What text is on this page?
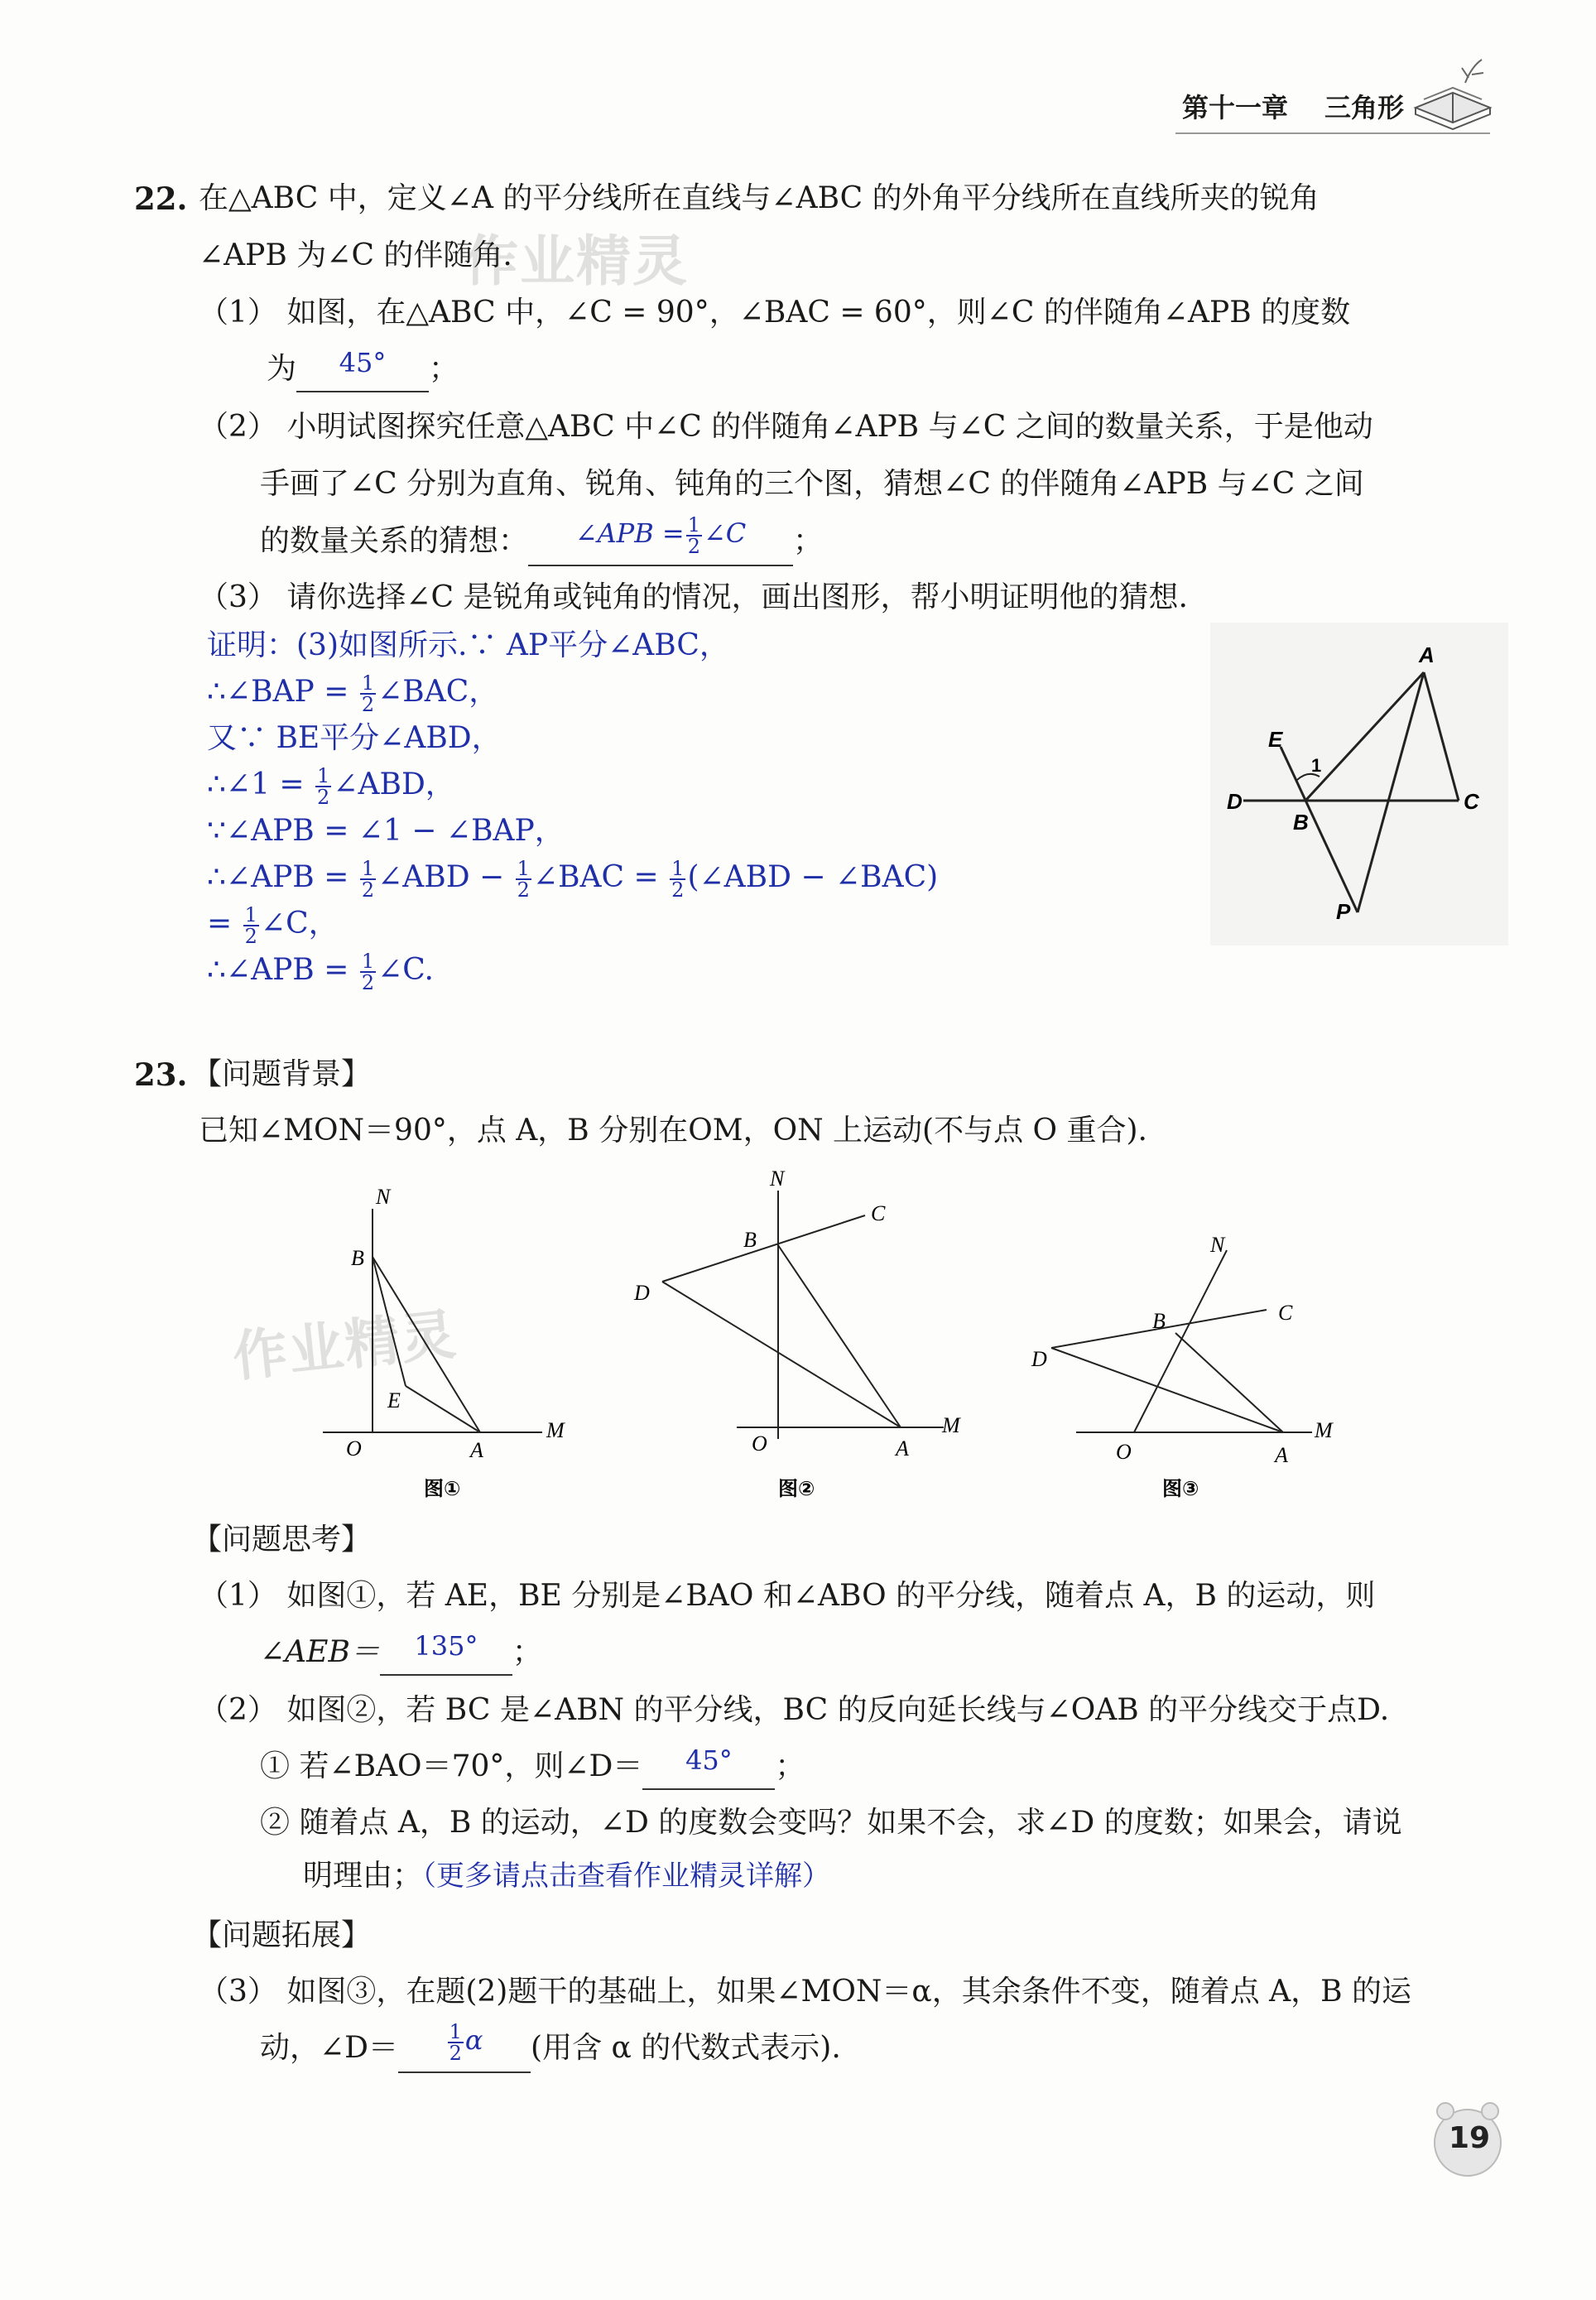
第十一章 三角形
作业精灵
作业精灵
22. 在△ABC 中，定义∠A 的平分线所在直线与∠ABC 的外角平分线所在直线所夹的锐角
∠APB 为∠C 的伴随角.
（1） 如图，在△ABC 中，∠C = 90°，∠BAC = 60°，则∠C 的伴随角∠APB 的度数
为 45° ；
（2） 小明试图探究任意△ABC 中∠C 的伴随角∠APB 与∠C 之间的数量关系，于是他动
手画了∠C 分别为直角、锐角、钝角的三个图，猜想∠C 的伴随角∠APB 与∠C 之间
的数量关系的猜想： ∠APB = $\frac{1}{2}$ ∠C ；
（3） 请你选择∠C 是锐角或钝角的情况，画出图形，帮小明证明他的猜想.
证明：(3)如图所示.∵ AP平分∠ABC，
∴∠BAP = $\frac{1}{2}$ ∠BAC，
又∵ BE平分∠ABD，
∴∠1 = $\frac{1}{2}$ ∠ABD，
∵∠APB = ∠1 − ∠BAP，
∴∠APB = $\frac{1}{2}$ ∠ABD − $\frac{1}{2}$ ∠BAC = $\frac{1}{2}$ (∠ABD − ∠BAC)
= $\frac{1}{2}$ ∠C，
∴∠APB = $\frac{1}{2}$ ∠C.
A
C
D
B
E
1
P
23. 【问题背景】
已知∠MON＝90°，点 A，B 分别在OM，ON 上运动(不与点 O 重合).
N
B
E
O	A
M
图①
N
C
B
D
O	A
M
图②
N
C
B
D
O	A
M
图③
【问题思考】
（1） 如图①，若 AE，BE 分别是∠BAO 和∠ABO 的平分线，随着点 A，B 的运动，则
∠AEB＝ 135° ；
（2） 如图②，若 BC 是∠ABN 的平分线，BC 的反向延长线与∠OAB 的平分线交于点D.
① 若∠BAO＝70°，则∠D＝ 45° ；
② 随着点 A，B 的运动，∠D 的度数会变吗？如果不会，求∠D 的度数；如果会，请说
明理由；（更多请点击查看作业精灵详解）
【问题拓展】
（3） 如图③，在题(2)题干的基础上，如果∠MON＝α，其余条件不变，随着点 A，B 的运
动，∠D＝ $\frac{1}{2}$ α (用含 α 的代数式表示).
19
